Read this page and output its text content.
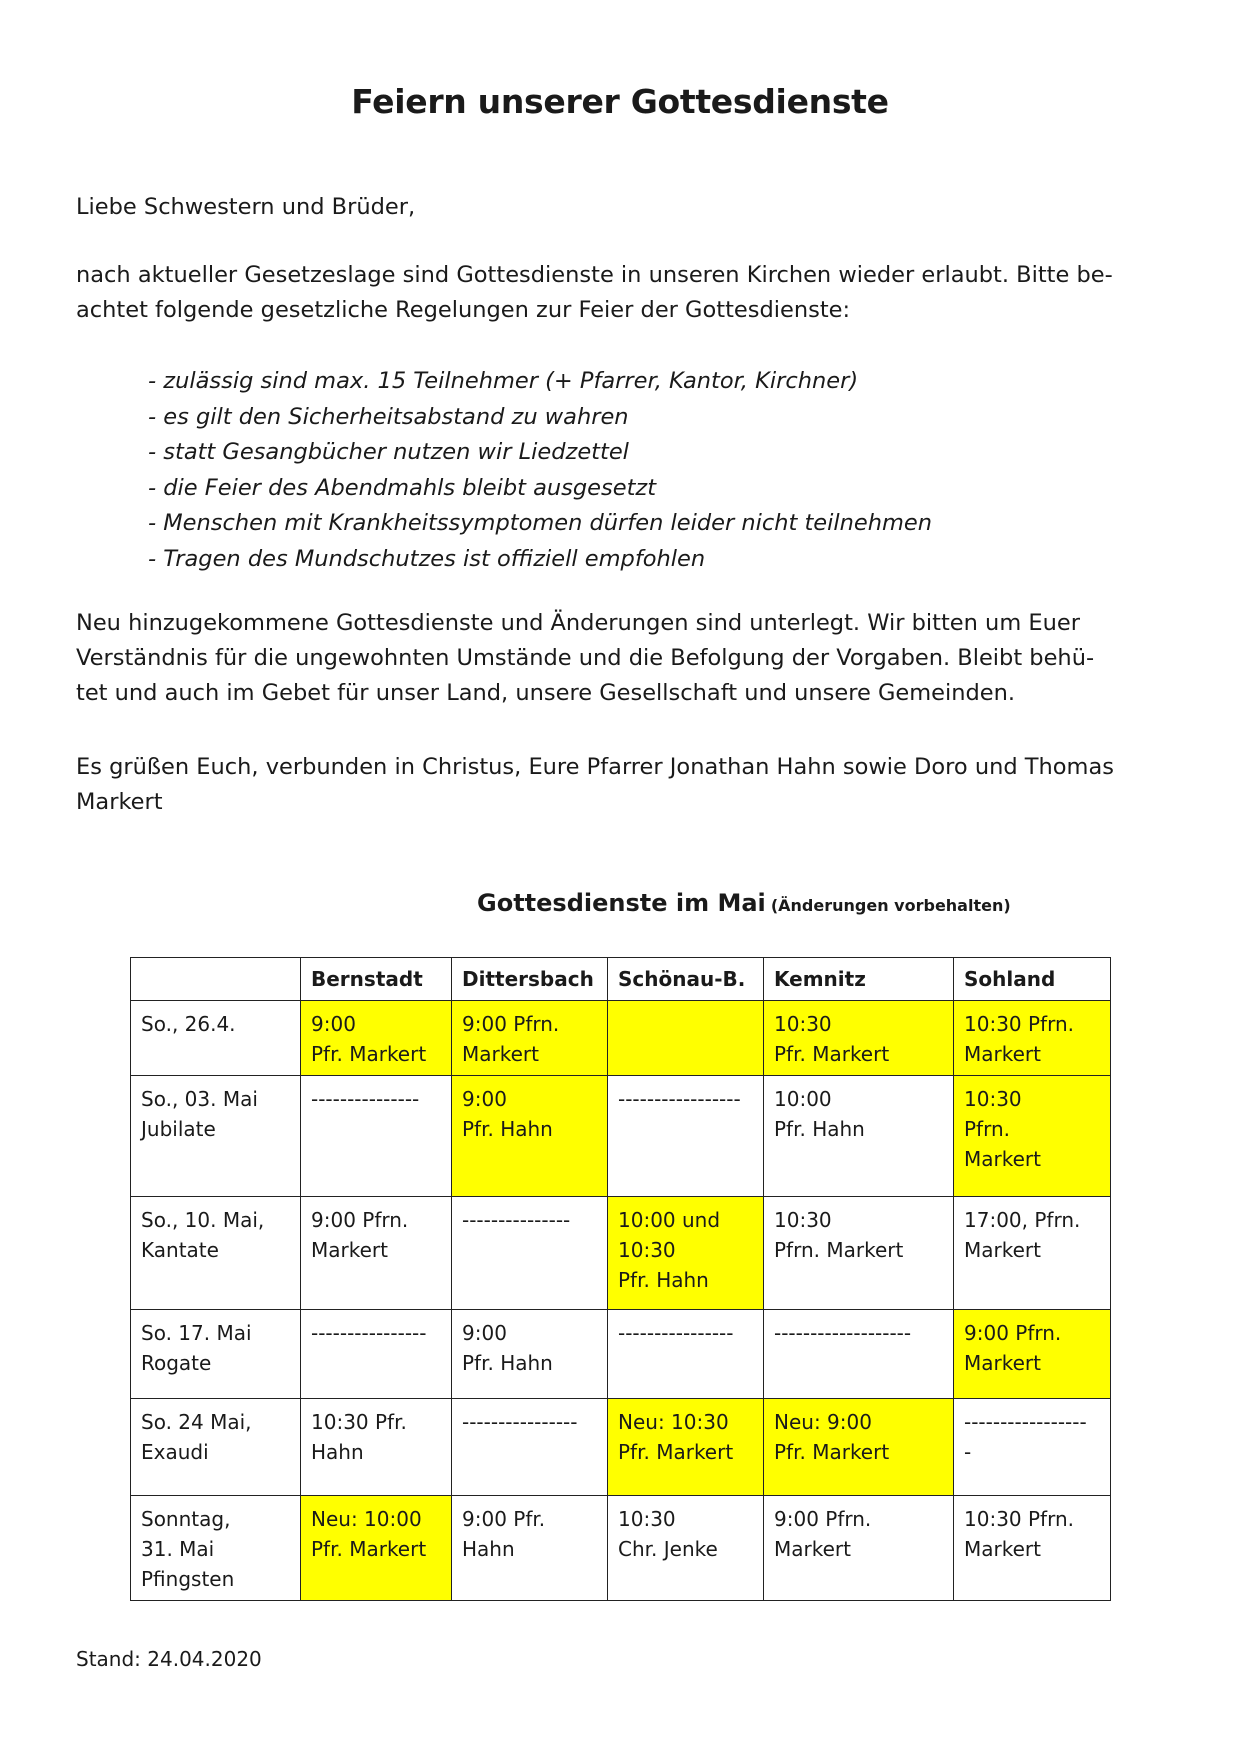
Feiern unserer Gottesdienste

Liebe Schwestern und Brüder,

nach aktueller Gesetzeslage sind Gottesdienste in unseren Kirchen wieder erlaubt. Bitte be-
achtet folgende gesetzliche Regelungen zur Feier der Gottesdienste:

- zulässig sind max. 15 Teilnehmer (+ Pfarrer, Kantor, Kirchner)
- es gilt den Sicherheitsabstand zu wahren
- statt Gesangbücher nutzen wir Liedzettel
- die Feier des Abendmahls bleibt ausgesetzt
- Menschen mit Krankheitssymptomen dürfen leider nicht teilnehmen
- Tragen des Mundschutzes ist offiziell empfohlen

Neu hinzugekommene Gottesdienste und Änderungen sind unterlegt. Wir bitten um Euer
Verständnis für die ungewohnten Umstände und die Befolgung der Vorgaben. Bleibt behü-
tet und auch im Gebet für unser Land, unsere Gesellschaft und unsere Gemeinden.

Es grüßen Euch, verbunden in Christus, Eure Pfarrer Jonathan Hahn sowie Doro und Thomas
Markert

Gottesdienste im Mai (Änderungen vorbehalten)
	Bernstadt	Dittersbach	Schönau-B.	Kemnitz	Sohland

So., 26.4.	9:00
Pfr. Markert	9:00 Pfrn.
Markert		10:30
Pfr. Markert	10:30 Pfrn.
Markert

So., 03. Mai
Jubilate	---------------	9:00
Pfr. Hahn	-----------------	10:00
Pfr. Hahn	10:30
Pfrn.
Markert

So., 10. Mai,
Kantate	9:00 Pfrn.
Markert	---------------	10:00 und
10:30
Pfr. Hahn	10:30
Pfrn. Markert	17:00, Pfrn.
Markert

So. 17. Mai
Rogate	----------------	9:00
Pfr. Hahn	----------------	-------------------	9:00 Pfrn.
Markert

So. 24 Mai,
Exaudi	10:30 Pfr.
Hahn	----------------	Neu: 10:30
Pfr. Markert	Neu: 9:00
Pfr. Markert	-----------------
-

Sonntag,
31. Mai
Pfingsten	Neu: 10:00
Pfr. Markert	9:00 Pfr.
Hahn	10:30
Chr. Jenke	9:00 Pfrn.
Markert	10:30 Pfrn.
Markert
Stand: 24.04.2020
